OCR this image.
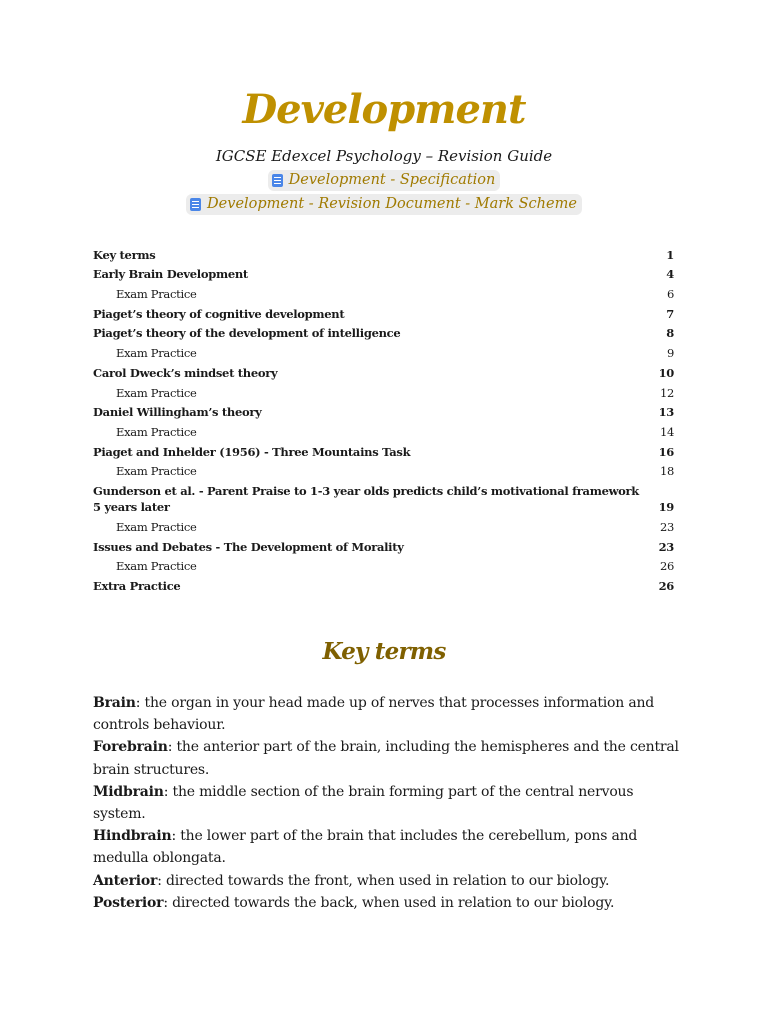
Development
IGCSE Edexcel Psychology – Revision Guide
Development - Specification
Development - Revision Document - Mark Scheme
Key terms	1
Early Brain Development	4
Exam Practice	6
Piaget’s theory of cognitive development	7
Piaget’s theory of the development of intelligence	8
Exam Practice	9
Carol Dweck’s mindset theory	10
Exam Practice	12
Daniel Willingham’s theory	13
Exam Practice	14
Piaget and Inhelder (1956) - Three Mountains Task	16
Exam Practice	18
Gunderson et al. - Parent Praise to 1-3 year olds predicts child’s motivational framework 5 years later	19
Exam Practice	23
Issues and Debates - The Development of Morality	23
Exam Practice	26
Extra Practice	26
Key terms
Brain: the organ in your head made up of nerves that processes information and controls behaviour.
Forebrain: the anterior part of the brain, including the hemispheres and the central brain structures.
Midbrain: the middle section of the brain forming part of the central nervous system.
Hindbrain: the lower part of the brain that includes the cerebellum, pons and medulla oblongata.
Anterior: directed towards the front, when used in relation to our biology.
Posterior: directed towards the back, when used in relation to our biology.
